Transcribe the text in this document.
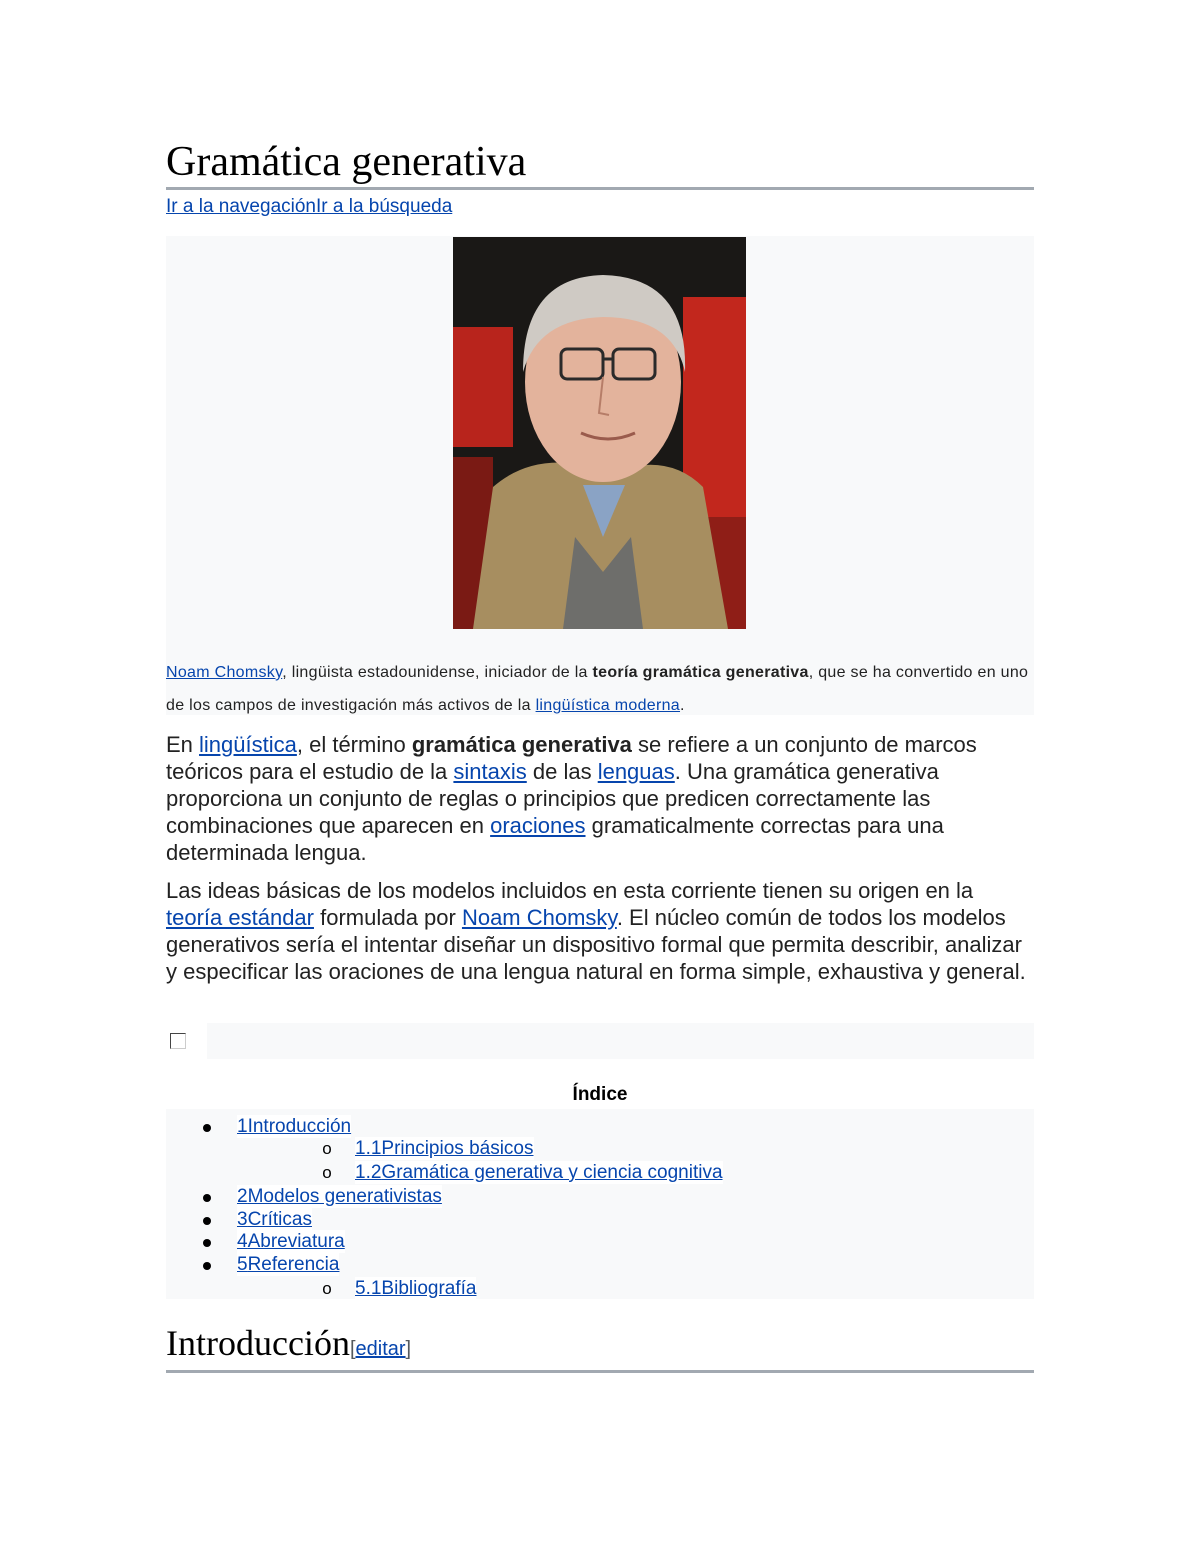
Gramática generativa
Ir a la navegaciónIr a la búsqueda
Noam Chomsky, lingüista estadounidense, iniciador de la teoría gramática generativa, que se ha convertido en uno de los campos de investigación más activos de la lingüística moderna.

En lingüística, el término gramática generativa se refiere a un conjunto de marcos teóricos para el estudio de la sintaxis de las lenguas. Una gramática generativa proporciona un conjunto de reglas o principios que predicen correctamente las combinaciones que aparecen en oraciones gramaticalmente correctas para una determinada lengua.

Las ideas básicas de los modelos incluidos en esta corriente tienen su origen en la teoría estándar formulada por Noam Chomsky. El núcleo común de todos los modelos generativos sería el intentar diseñar un dispositivo formal que permita describir, analizar y especificar las oraciones de una lengua natural en forma simple, exhaustiva y general.

Índice
1Introducción
o 1.1Principios básicos
o 1.2Gramática generativa y ciencia cognitiva
2Modelos generativistas
3Críticas
4Abreviatura
5Referencia
o 5.1Bibliografía
Introducción[editar]
